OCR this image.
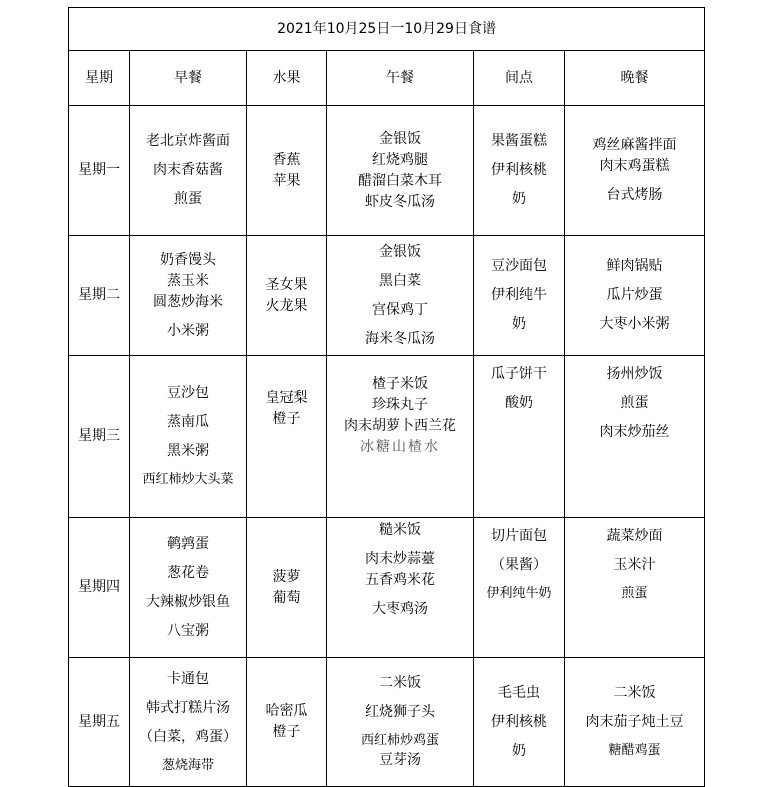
2021年10月25日一10月29日食谱					
星期	早餐	水果	午餐	间点	晚餐
星期一	老北京炸酱面
肉末香菇酱
煎蛋	香蕉
苹果	金银饭
红烧鸡腿
醋溜白菜木耳
虾皮冬瓜汤	果酱蛋糕
伊利核桃
奶	鸡丝麻酱拌面
肉末鸡蛋糕
台式烤肠

星期二	奶香馒头
蒸玉米
圆葱炒海米
小米粥	圣女果
火龙果	金银饭
黑白菜
宫保鸡丁
海米冬瓜汤	豆沙面包
伊利纯牛
奶	鲜肉锅贴
瓜片炒蛋
大枣小米粥

星期三	豆沙包
蒸南瓜
黑米粥
西红柿炒大头菜	皇冠梨
橙子	楂子米饭
珍珠丸子
肉末胡萝卜西兰花
冰糖山楂水	瓜子饼干
酸奶	扬州炒饭
煎蛋
肉末炒茄丝

星期四	鹌鹑蛋
葱花卷
大辣椒炒银鱼
八宝粥	菠萝
葡萄	糙米饭
肉末炒蒜薹
五香鸡米花
大枣鸡汤	切片面包
（果酱）
伊利纯牛奶	蔬菜炒面
玉米汁
煎蛋

星期五	卡通包
韩式打糕片汤
（白菜，鸡蛋）
葱烧海带	哈密瓜
橙子	二米饭
红烧狮子头
西红柿炒鸡蛋
豆芽汤	毛毛虫
伊利核桃
奶	二米饭
肉末茄子炖土豆
糖醋鸡蛋
